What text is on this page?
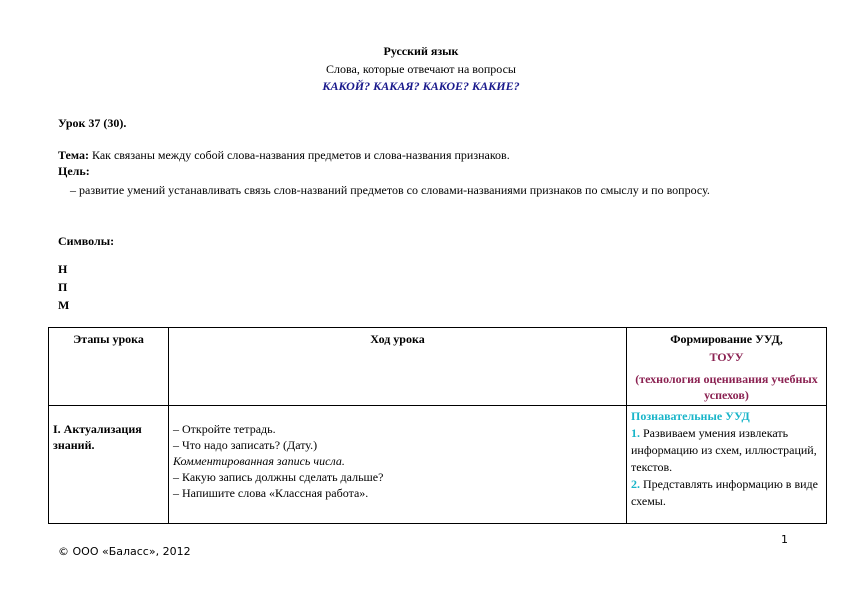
Русский язык
Слова, которые отвечают на вопросы
КАКОЙ? КАКАЯ? КАКОЕ? КАКИЕ?
Урок 37 (30).
Тема: Как связаны между собой слова-названия предметов и слова-названия признаков.
Цель:
– развитие умений устанавливать связь слов-названий предметов со словами-названиями признаков по смыслу и по вопросу.
Символы:
Н
П
М
Этапы урока	Ход урока	Формирование УУД,
ТОУУ
(технология оценивания учебных успехов)

I. Актуализация знаний.	– Откройте тетрадь.
– Что надо записать? (Дату.)
Комментированная запись числа.
– Какую запись должны сделать дальше?
– Напишите слова «Классная работа».	Познавательные УУД
1. Развиваем умения извлекать информацию из схем, иллюстраций, текстов.
2. Представлять информацию в виде схемы.
1
© ООО «Баласс», 2012
